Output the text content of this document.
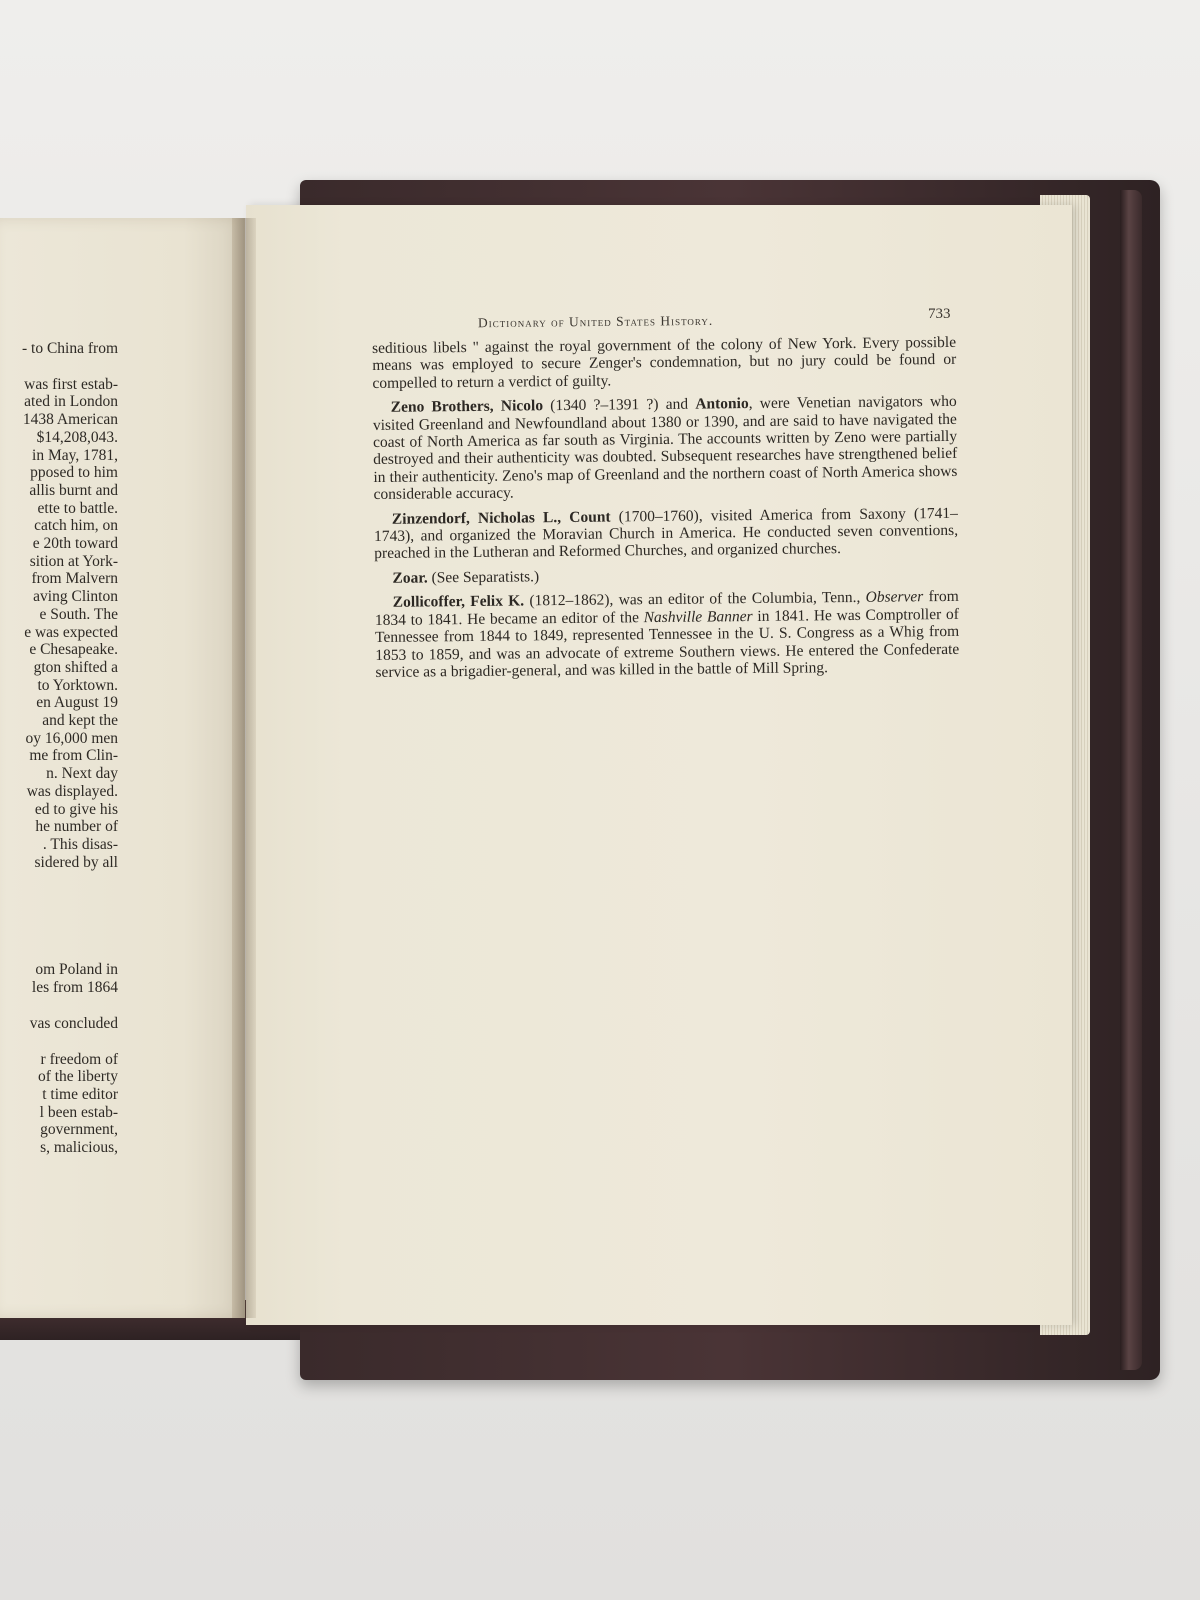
- to China from
was first estab-
ated in London
1438 American
$14,208,043.
in May, 1781,
pposed to him
allis burnt and
ette to battle.
catch him, on
e 20th toward
sition at York-
from Malvern
aving Clinton
e South. The
e was expected
e Chesapeake.
gton shifted a
to Yorktown.
en August 19
and kept the
oy 16,000 men
me from Clin-
n. Next day
was displayed.
ed to give his
he number of
. This disas-
sidered by all
om Poland in
les from 1864
vas concluded
r freedom of
of the liberty
t time editor
l been estab-
government,
s, malicious,
Dictionary of United States History.	733

seditious libels " against the royal government of the colony of New York. Every possible means was employed to secure Zenger's condemnation, but no jury could be found or compelled to return a verdict of guilty.

Zeno Brothers, Nicolo (1340 ?–1391 ?) and Antonio, were Venetian navigators who visited Greenland and Newfoundland about 1380 or 1390, and are said to have navigated the coast of North America as far south as Virginia. The accounts written by Zeno were partially destroyed and their authenticity was doubted. Subsequent researches have strengthened belief in their authenticity. Zeno's map of Greenland and the northern coast of North America shows considerable accuracy.

Zinzendorf, Nicholas L., Count (1700–1760), visited America from Saxony (1741–1743), and organized the Moravian Church in America. He conducted seven conventions, preached in the Lutheran and Reformed Churches, and organized churches.

Zoar. (See Separatists.)

Zollicoffer, Felix K. (1812–1862), was an editor of the Columbia, Tenn., Observer from 1834 to 1841. He became an editor of the Nashville Banner in 1841. He was Comptroller of Tennessee from 1844 to 1849, represented Tennessee in the U. S. Congress as a Whig from 1853 to 1859, and was an advocate of extreme Southern views. He entered the Confederate service as a brigadier-general, and was killed in the battle of Mill Spring.
